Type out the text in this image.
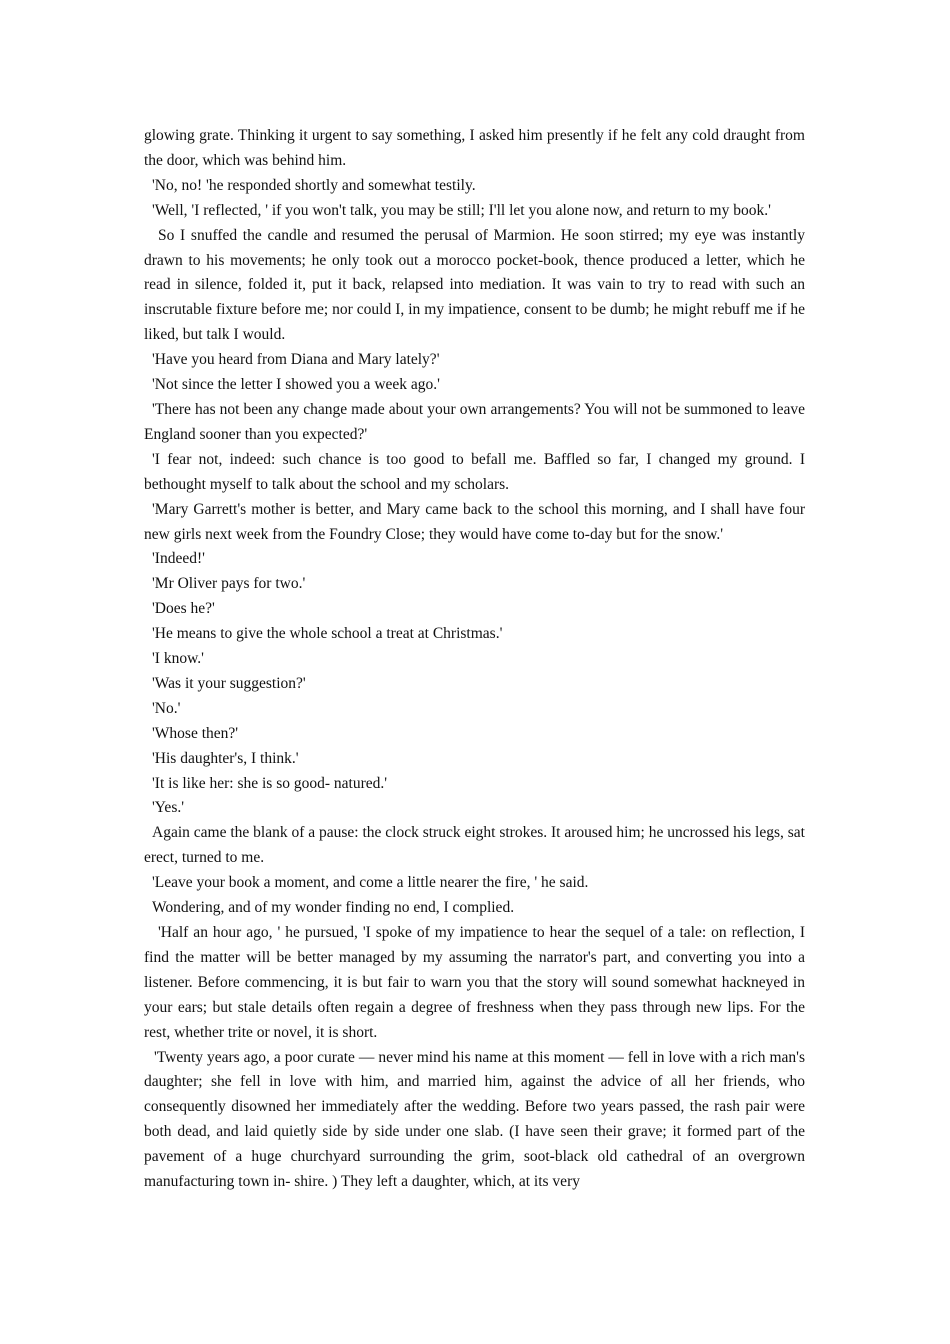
glowing grate. Thinking it urgent to say something, I asked him presently if he felt any cold draught from the door, which was behind him.

'No, no! 'he responded shortly and somewhat testily.

'Well, 'I reflected, ' if you won't talk, you may be still; I'll let you alone now, and return to my book.'

So I snuffed the candle and resumed the perusal of Marmion. He soon stirred; my eye was instantly drawn to his movements; he only took out a morocco pocket-book, thence produced a letter, which he read in silence, folded it, put it back, relapsed into mediation. It was vain to try to read with such an inscrutable fixture before me; nor could I, in my impatience, consent to be dumb; he might rebuff me if he liked, but talk I would.

'Have you heard from Diana and Mary lately?'

'Not since the letter I showed you a week ago.'

'There has not been any change made about your own arrangements? You will not be summoned to leave England sooner than you expected?'

'I fear not, indeed: such chance is too good to befall me. Baffled so far, I changed my ground. I bethought myself to talk about the school and my scholars.

'Mary Garrett's mother is better, and Mary came back to the school this morning, and I shall have four new girls next week from the Foundry Close; they would have come to-day but for the snow.'

'Indeed!'

'Mr Oliver pays for two.'

'Does he?'

'He means to give the whole school a treat at Christmas.'

'I know.'

'Was it your suggestion?'

'No.'

'Whose then?'

'His daughter's, I think.'

'It is like her: she is so good- natured.'

'Yes.'

Again came the blank of a pause: the clock struck eight strokes. It aroused him; he uncrossed his legs, sat erect, turned to me.

'Leave your book a moment, and come a little nearer the fire, ' he said.

Wondering, and of my wonder finding no end, I complied.

'Half an hour ago, ' he pursued, 'I spoke of my impatience to hear the sequel of a tale: on reflection, I find the matter will be better managed by my assuming the narrator's part, and converting you into a listener. Before commencing, it is but fair to warn you that the story will sound somewhat hackneyed in your ears; but stale details often regain a degree of freshness when they pass through new lips. For the rest, whether trite or novel, it is short.

'Twenty years ago, a poor curate — never mind his name at this moment — fell in love with a rich man's daughter; she fell in love with him, and married him, against the advice of all her friends, who consequently disowned her immediately after the wedding. Before two years passed, the rash pair were both dead, and laid quietly side by side under one slab. (I have seen their grave; it formed part of the pavement of a huge churchyard surrounding the grim, soot-black old cathedral of an overgrown manufacturing town in- shire. ) They left a daughter, which, at its very
